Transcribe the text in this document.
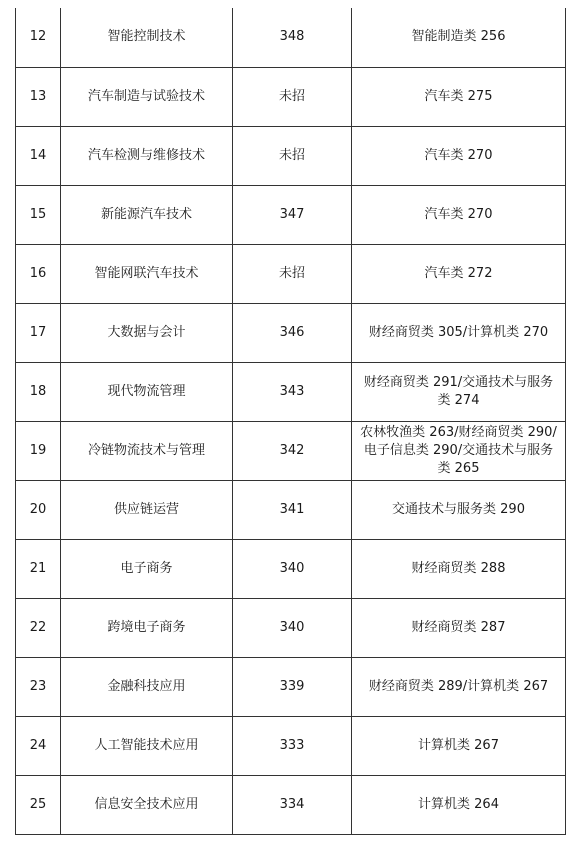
12	智能控制技术	348	智能制造类 256
13	汽车制造与试验技术	未招	汽车类 275
14	汽车检测与维修技术	未招	汽车类 270
15	新能源汽车技术	347	汽车类 270
16	智能网联汽车技术	未招	汽车类 272
17	大数据与会计	346	财经商贸类 305/计算机类 270
18	现代物流管理	343	财经商贸类 291/交通技术与服务类 274
19	冷链物流技术与管理	342	农林牧渔类 263/财经商贸类 290/电子信息类 290/交通技术与服务类 265
20	供应链运营	341	交通技术与服务类 290
21	电子商务	340	财经商贸类 288
22	跨境电子商务	340	财经商贸类 287
23	金融科技应用	339	财经商贸类 289/计算机类 267
24	人工智能技术应用	333	计算机类 267
25	信息安全技术应用	334	计算机类 264
